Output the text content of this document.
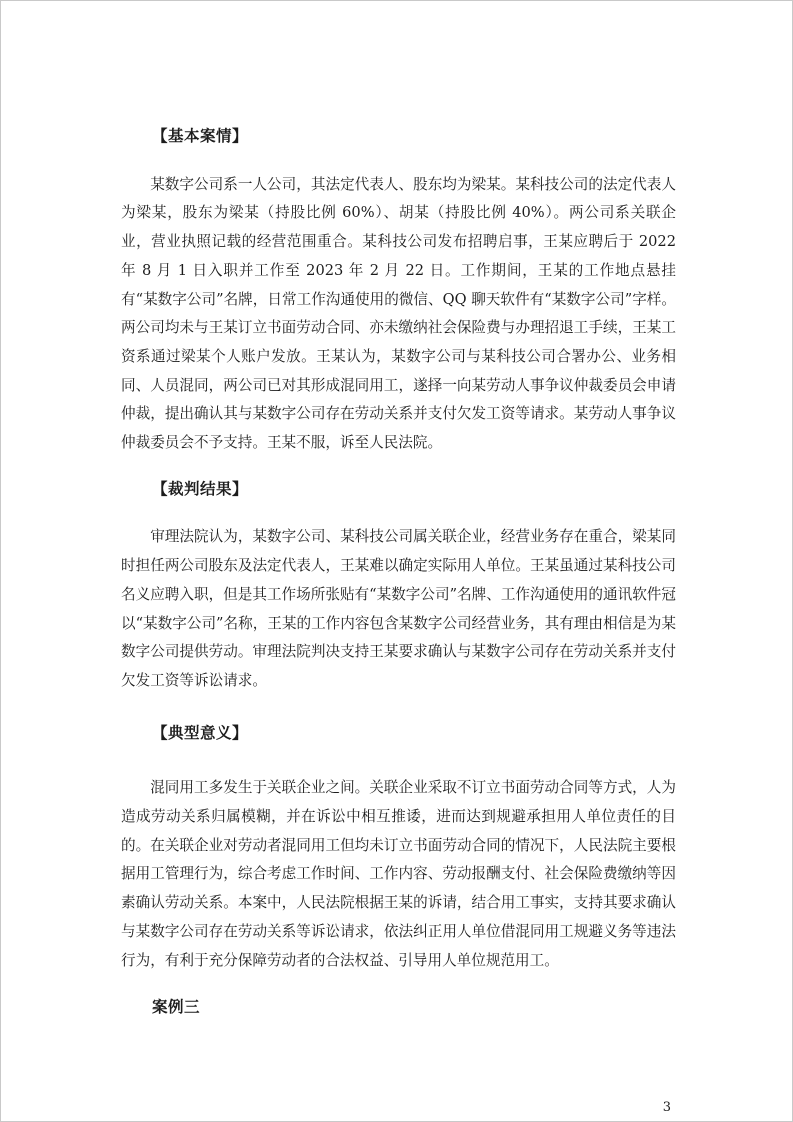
【基本案情】

某数字公司系一人公司，其法定代表人、股东均为梁某。某科技公司的法定代表人为梁某，股东为梁某（持股比例 60%）、胡某（持股比例 40%）。两公司系关联企业，营业执照记载的经营范围重合。某科技公司发布招聘启事，王某应聘后于 2022 年 8 月 1 日入职并工作至 2023 年 2 月 22 日。工作期间，王某的工作地点悬挂有“某数字公司”名牌，日常工作沟通使用的微信、QQ 聊天软件有“某数字公司”字样。两公司均未与王某订立书面劳动合同、亦未缴纳社会保险费与办理招退工手续，王某工资系通过梁某个人账户发放。王某认为，某数字公司与某科技公司合署办公、业务相同、人员混同，两公司已对其形成混同用工，遂择一向某劳动人事争议仲裁委员会申请仲裁，提出确认其与某数字公司存在劳动关系并支付欠发工资等请求。某劳动人事争议仲裁委员会不予支持。王某不服，诉至人民法院。

【裁判结果】

审理法院认为，某数字公司、某科技公司属关联企业，经营业务存在重合，梁某同时担任两公司股东及法定代表人，王某难以确定实际用人单位。王某虽通过某科技公司名义应聘入职，但是其工作场所张贴有“某数字公司”名牌、工作沟通使用的通讯软件冠以“某数字公司”名称，王某的工作内容包含某数字公司经营业务，其有理由相信是为某数字公司提供劳动。审理法院判决支持王某要求确认与某数字公司存在劳动关系并支付欠发工资等诉讼请求。

【典型意义】

混同用工多发生于关联企业之间。关联企业采取不订立书面劳动合同等方式，人为造成劳动关系归属模糊，并在诉讼中相互推诿，进而达到规避承担用人单位责任的目的。在关联企业对劳动者混同用工但均未订立书面劳动合同的情况下，人民法院主要根据用工管理行为，综合考虑工作时间、工作内容、劳动报酬支付、社会保险费缴纳等因素确认劳动关系。本案中，人民法院根据王某的诉请，结合用工事实，支持其要求确认与某数字公司存在劳动关系等诉讼请求，依法纠正用人单位借混同用工规避义务等违法行为，有利于充分保障劳动者的合法权益、引导用人单位规范用工。

案例三
3
